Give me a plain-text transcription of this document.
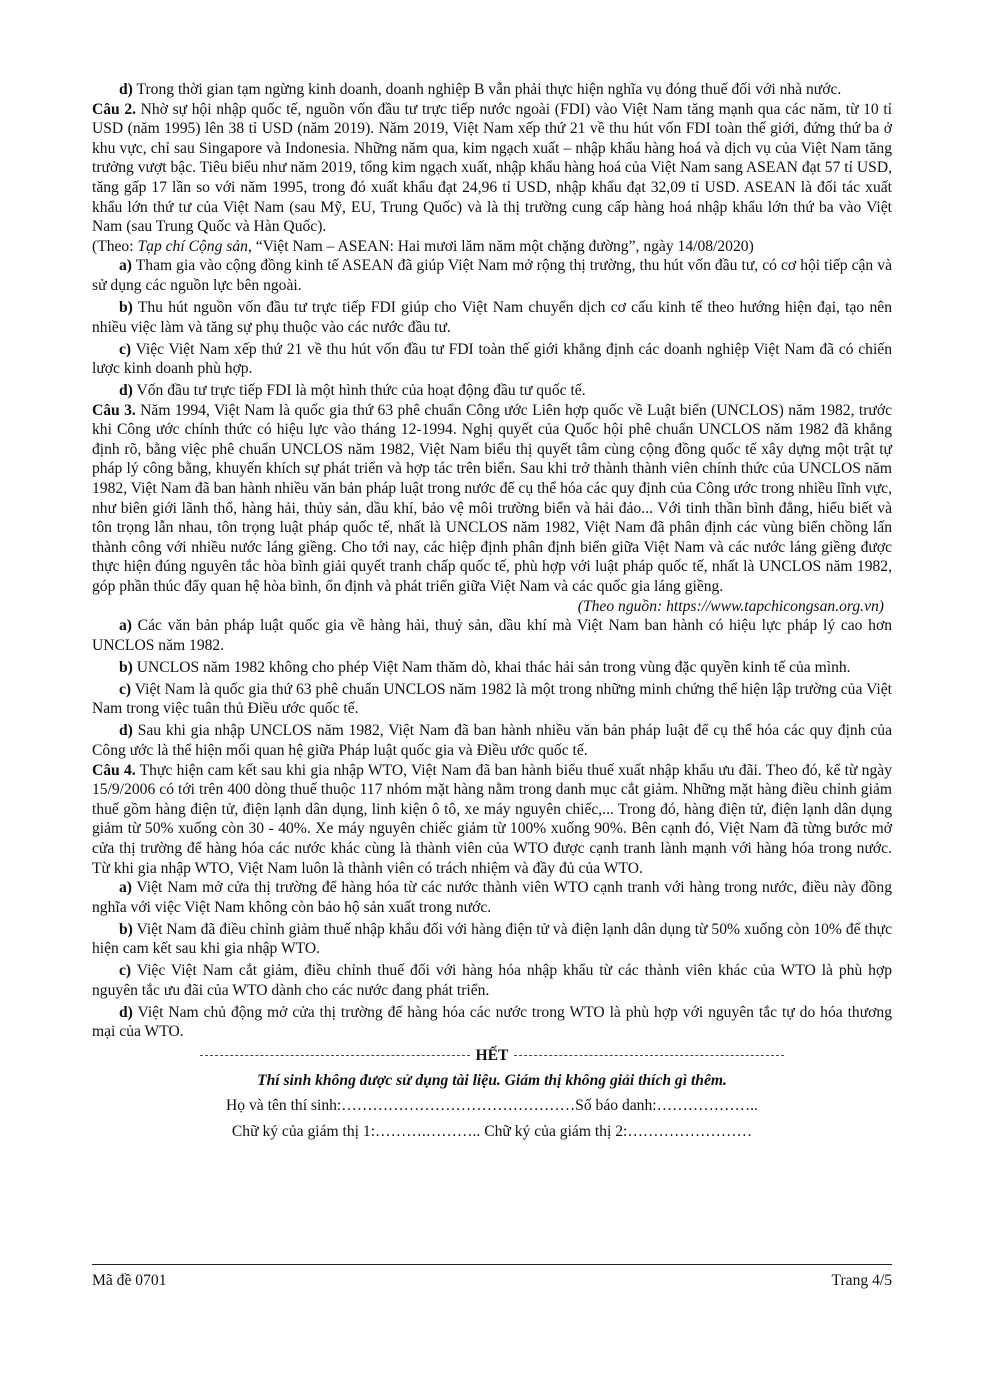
d) Trong thời gian tạm ngừng kinh doanh, doanh nghiệp B vẫn phải thực hiện nghĩa vụ đóng thuế đối với nhà nước.

Câu 2. Nhờ sự hội nhập quốc tế, nguồn vốn đầu tư trực tiếp nước ngoài (FDI) vào Việt Nam tăng mạnh qua các năm, từ 10 tỉ USD (năm 1995) lên 38 tỉ USD (năm 2019). Năm 2019, Việt Nam xếp thứ 21 về thu hút vốn FDI toàn thế giới, đứng thứ ba ở khu vực, chỉ sau Singapore và Indonesia. Những năm qua, kim ngạch xuất – nhập khẩu hàng hoá và dịch vụ của Việt Nam tăng trưởng vượt bậc. Tiêu biểu như năm 2019, tổng kim ngạch xuất, nhập khẩu hàng hoá của Việt Nam sang ASEAN đạt 57 tỉ USD, tăng gấp 17 lần so với năm 1995, trong đó xuất khẩu đạt 24,96 tỉ USD, nhập khẩu đạt 32,09 tỉ USD. ASEAN là đối tác xuất khẩu lớn thứ tư của Việt Nam (sau Mỹ, EU, Trung Quốc) và là thị trường cung cấp hàng hoá nhập khẩu lớn thứ ba vào Việt Nam (sau Trung Quốc và Hàn Quốc).

(Theo: Tạp chí Cộng sản, “Việt Nam – ASEAN: Hai mươi lăm năm một chặng đường”, ngày 14/08/2020)

a) Tham gia vào cộng đồng kinh tế ASEAN đã giúp Việt Nam mở rộng thị trường, thu hút vốn đầu tư, có cơ hội tiếp cận và sử dụng các nguồn lực bên ngoài.

b) Thu hút nguồn vốn đầu tư trực tiếp FDI giúp cho Việt Nam chuyển dịch cơ cấu kinh tế theo hướng hiện đại, tạo nên nhiều việc làm và tăng sự phụ thuộc vào các nước đầu tư.

c) Việc Việt Nam xếp thứ 21 về thu hút vốn đầu tư FDI toàn thế giới khẳng định các doanh nghiệp Việt Nam đã có chiến lược kinh doanh phù hợp.

d) Vốn đầu tư trực tiếp FDI là một hình thức của hoạt động đầu tư quốc tế.

Câu 3. Năm 1994, Việt Nam là quốc gia thứ 63 phê chuẩn Công ước Liên hợp quốc về Luật biển (UNCLOS) năm 1982, trước khi Công ước chính thức có hiệu lực vào tháng 12-1994. Nghị quyết của Quốc hội phê chuẩn UNCLOS năm 1982 đã khẳng định rõ, bằng việc phê chuẩn UNCLOS năm 1982, Việt Nam biểu thị quyết tâm cùng cộng đồng quốc tế xây dựng một trật tự pháp lý công bằng, khuyến khích sự phát triển và hợp tác trên biển. Sau khi trở thành thành viên chính thức của UNCLOS năm 1982, Việt Nam đã ban hành nhiều văn bản pháp luật trong nước để cụ thể hóa các quy định của Công ước trong nhiều lĩnh vực, như biên giới lãnh thổ, hàng hải, thủy sản, dầu khí, bảo vệ môi trường biển và hải đảo... Với tinh thần bình đẳng, hiểu biết và tôn trọng lẫn nhau, tôn trọng luật pháp quốc tế, nhất là UNCLOS năm 1982, Việt Nam đã phân định các vùng biển chồng lấn thành công với nhiều nước láng giềng. Cho tới nay, các hiệp định phân định biển giữa Việt Nam và các nước láng giềng được thực hiện đúng nguyên tắc hòa bình giải quyết tranh chấp quốc tế, phù hợp với luật pháp quốc tế, nhất là UNCLOS năm 1982, góp phần thúc đẩy quan hệ hòa bình, ổn định và phát triển giữa Việt Nam và các quốc gia láng giềng.

(Theo nguồn: https://www.tapchicongsan.org.vn)

a) Các văn bản pháp luật quốc gia về hàng hải, thuỷ sản, dầu khí mà Việt Nam ban hành có hiệu lực pháp lý cao hơn UNCLOS năm 1982.

b) UNCLOS năm 1982 không cho phép Việt Nam thăm dò, khai thác hải sản trong vùng đặc quyền kinh tế của mình.

c) Việt Nam là quốc gia thứ 63 phê chuẩn UNCLOS năm 1982 là một trong những minh chứng thể hiện lập trường của Việt Nam trong việc tuân thủ Điều ước quốc tế.

d) Sau khi gia nhập UNCLOS năm 1982, Việt Nam đã ban hành nhiều văn bản pháp luật để cụ thể hóa các quy định của Công ước là thể hiện mối quan hệ giữa Pháp luật quốc gia và Điều ước quốc tế.

Câu 4. Thực hiện cam kết sau khi gia nhập WTO, Việt Nam đã ban hành biểu thuế xuất nhập khẩu ưu đãi. Theo đó, kể từ ngày 15/9/2006 có tới trên 400 dòng thuế thuộc 117 nhóm mặt hàng nằm trong danh mục cắt giảm. Những mặt hàng điều chỉnh giảm thuế gồm hàng điện tử, điện lạnh dân dụng, linh kiện ô tô, xe máy nguyên chiếc,... Trong đó, hàng điện tử, điện lạnh dân dụng giảm từ 50% xuống còn 30 - 40%. Xe máy nguyên chiếc giảm từ 100% xuống 90%. Bên cạnh đó, Việt Nam đã từng bước mở cửa thị trường để hàng hóa các nước khác cùng là thành viên của WTO được cạnh tranh lành mạnh với hàng hóa trong nước. Từ khi gia nhập WTO, Việt Nam luôn là thành viên có trách nhiệm và đầy đủ của WTO.

a) Việt Nam mở cửa thị trường để hàng hóa từ các nước thành viên WTO cạnh tranh với hàng trong nước, điều này đồng nghĩa với việc Việt Nam không còn bảo hộ sản xuất trong nước.

b) Việt Nam đã điều chỉnh giảm thuế nhập khẩu đối với hàng điện tử và điện lạnh dân dụng từ 50% xuống còn 10% để thực hiện cam kết sau khi gia nhập WTO.

c) Việc Việt Nam cắt giảm, điều chỉnh thuế đối với hàng hóa nhập khẩu từ các thành viên khác của WTO là phù hợp nguyên tắc ưu đãi của WTO dành cho các nước đang phát triển.

d) Việt Nam chủ động mở cửa thị trường để hàng hóa các nước trong WTO là phù hợp với nguyên tắc tự do hóa thương mại của WTO.

HẾT

Thí sinh không được sử dụng tài liệu. Giám thị không giải thích gì thêm.

Họ và tên thí sinh:………………………………………Số báo danh:………………..

Chữ ký của giám thị 1:……….……….. Chữ ký của giám thị 2:……………………

Mã đề 0701	Trang 4/5
